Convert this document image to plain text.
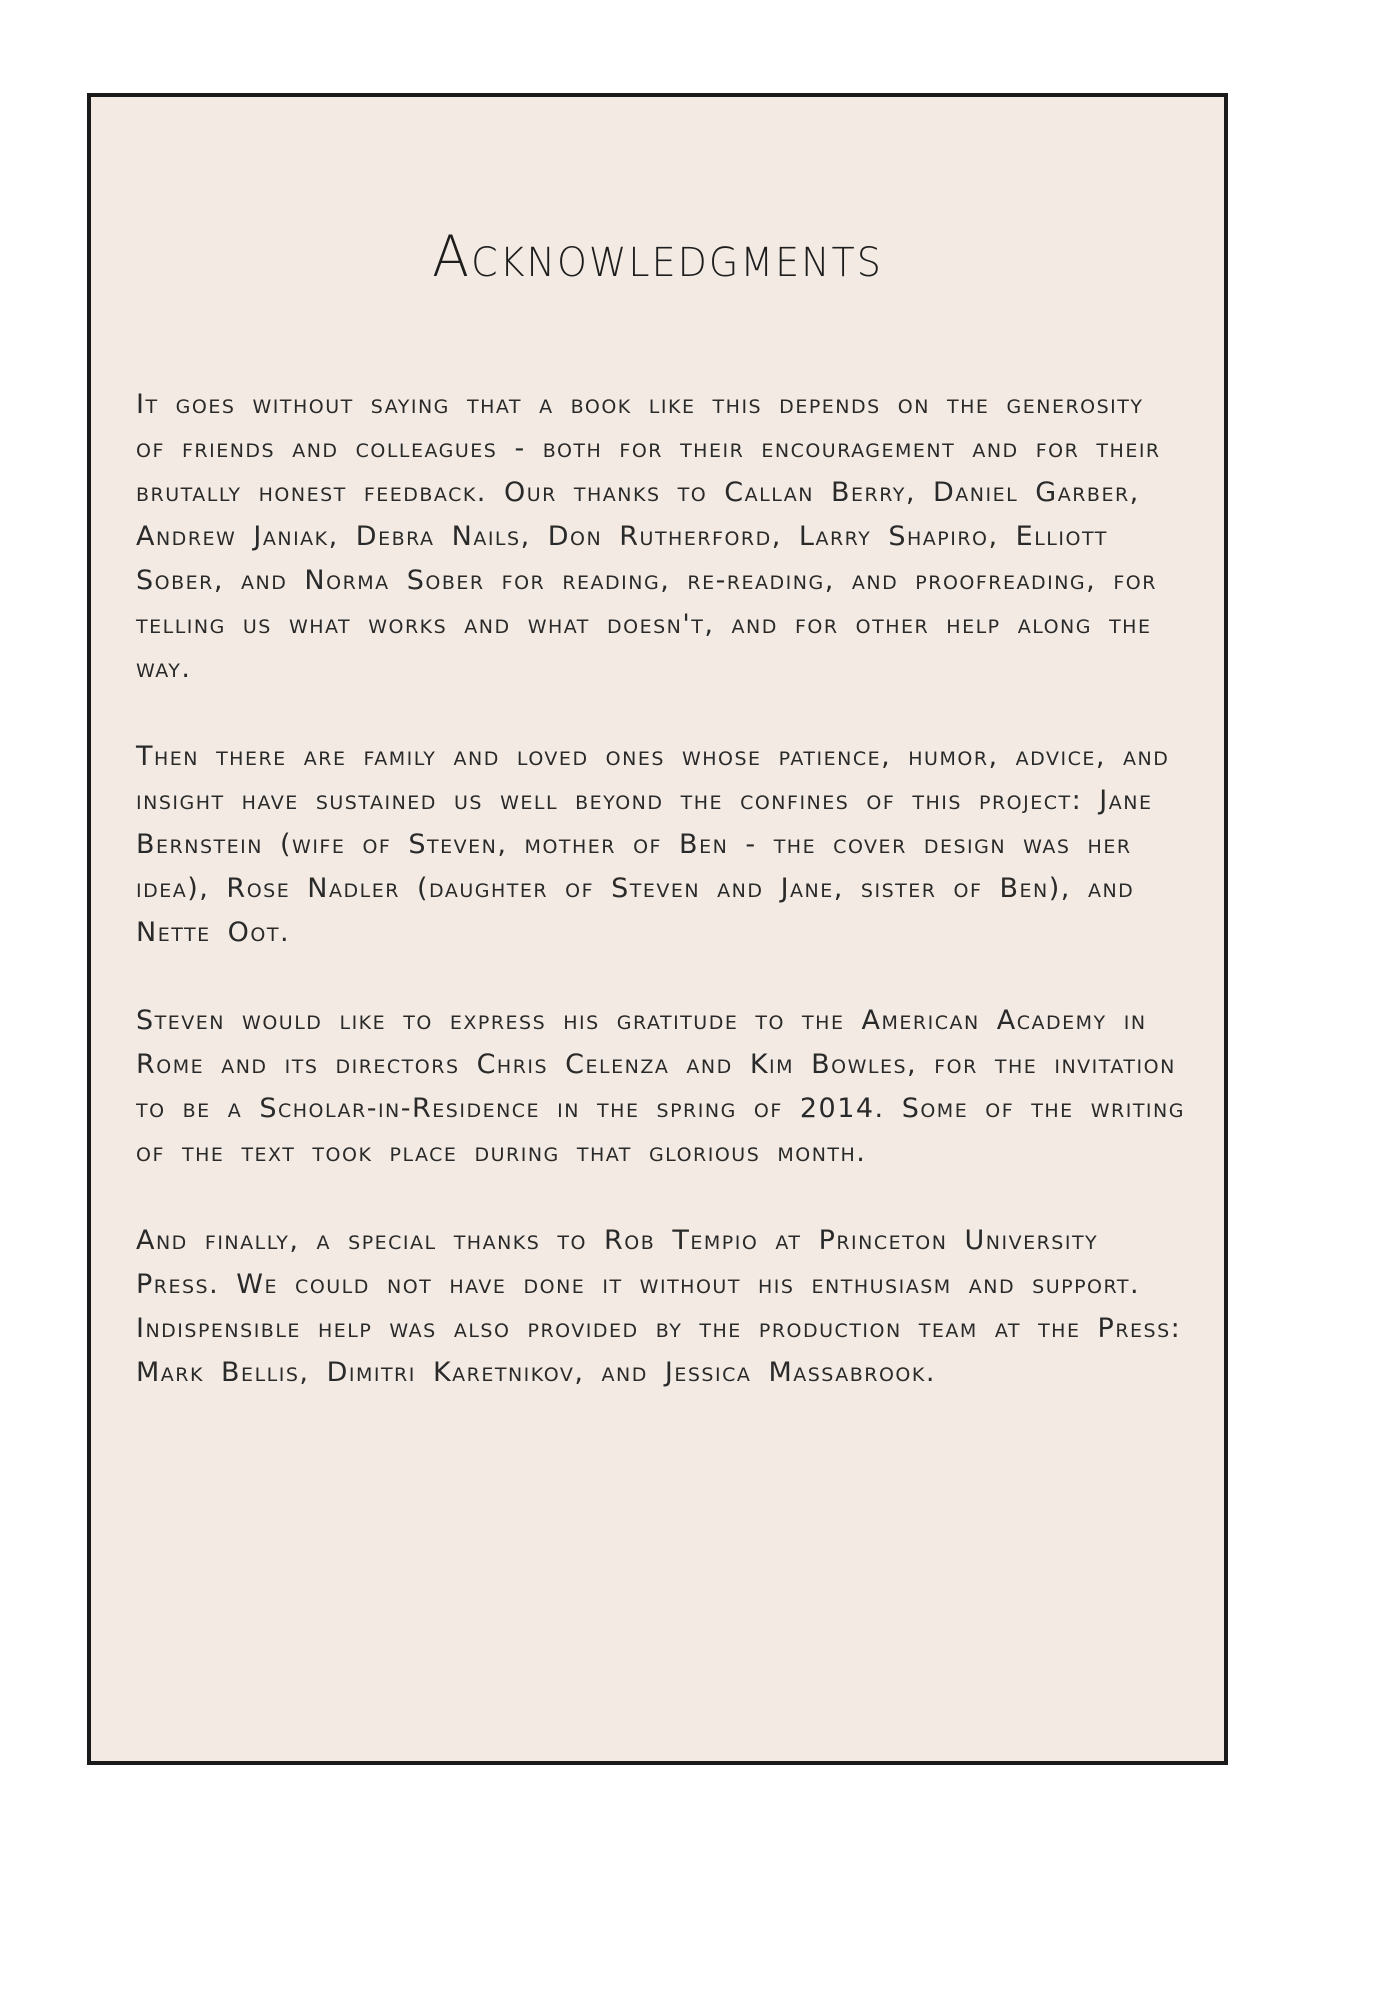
Acknowledgments

It goes without saying that a book like this depends on the generosity of friends and colleagues - both for their encouragement and for their brutally honest feedback. Our thanks to Callan Berry, Daniel Garber, Andrew Janiak, Debra Nails, Don Rutherford, Larry Shapiro, Elliott Sober, and Norma Sober for reading, re-reading, and proofreading, for telling us what works and what doesn't, and for other help along the way.

Then there are family and loved ones whose patience, humor, advice, and insight have sustained us well beyond the confines of this project: Jane Bernstein (wife of Steven, mother of Ben - the cover design was her idea), Rose Nadler (daughter of Steven and Jane, sister of Ben), and Nette Oot.

Steven would like to express his gratitude to the American Academy in Rome and its directors Chris Celenza and Kim Bowles, for the invitation to be a Scholar-in-Residence in the spring of 2014. Some of the writing of the text took place during that glorious month.

And finally, a special thanks to Rob Tempio at Princeton University Press. We could not have done it without his enthusiasm and support. Indispensible help was also provided by the production team at the Press: Mark Bellis, Dimitri Karetnikov, and Jessica Massabrook.
